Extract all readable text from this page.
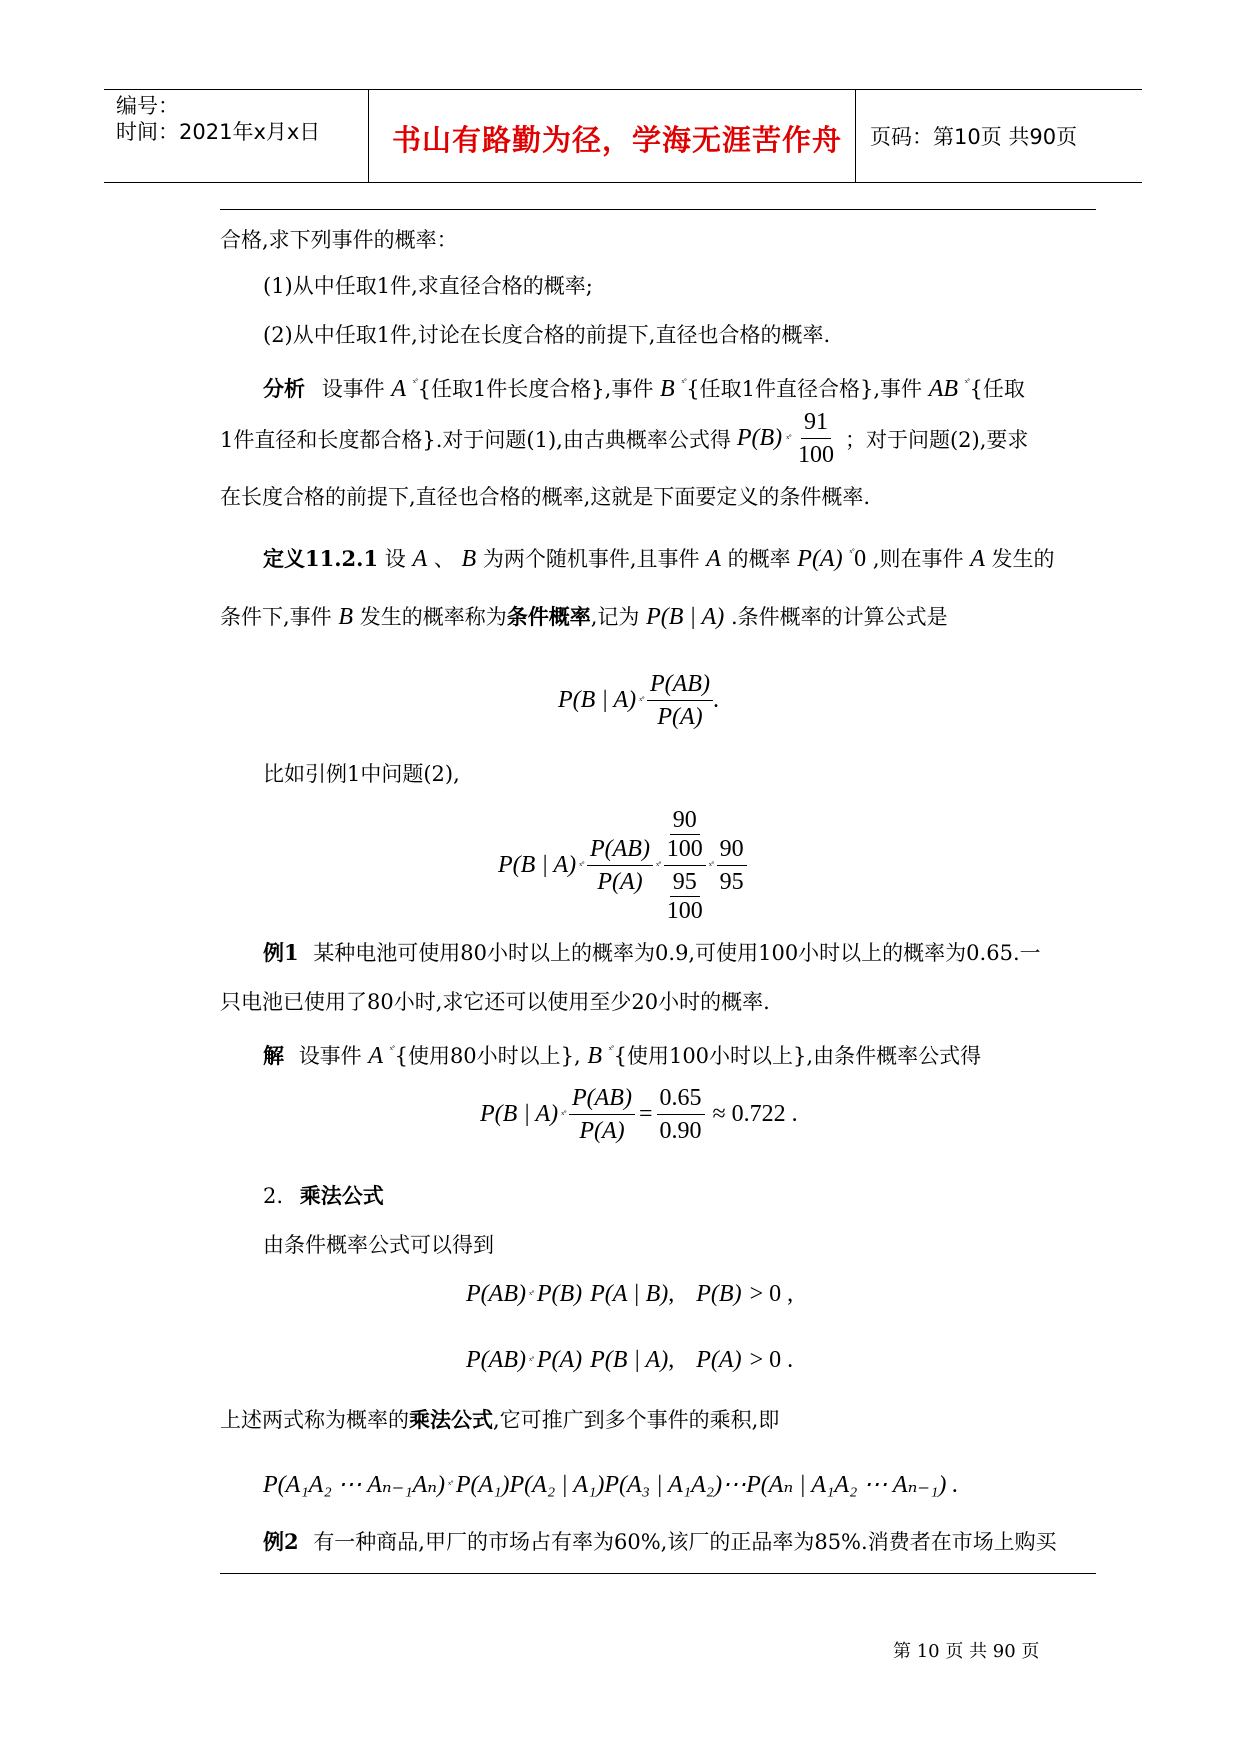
编号：
时间：2021年x月x日 书山有路勤为径，学海无涯苦作舟 页码：第10页 共90页
合格,求下列事件的概率：
(1)从中任取1件,求直径合格的概率;
(2)从中任取1件,讨论在长度合格的前提下,直径也合格的概率.
分析 设事件 A $^{ˣ˚}${任取1件长度合格},事件 B $^{ˣ˚}${任取1件直径合格},事件 AB $^{ˣ˚}${任取
1件直径和长度都合格}.对于问题(1),由古典概率公式得 P(B) ˣ˚ $\frac{91}{100}$ ；对于问题(2),要求
在长度合格的前提下,直径也合格的概率,这就是下面要定义的条件概率.
定义11.2.1 设 A 、 B 为两个随机事件,且事件 A 的概率 P(A) $^{ˣ˚}$0 ,则在事件 A 发生的
条件下,事件 B 发生的概率称为条件概率,记为 P(B | A) .条件概率的计算公式是
P(B | A) ˣ˚ $\frac{P(AB)}{P(A)}$ .
比如引例1中问题(2),
P(B | A) ˣ˚ $\frac{P(AB)}{P(A)}$ ˣ˚ $\frac{\frac{90}{100}}{\frac{95}{100}}$ ˣ˚ $\frac{90}{95}$
例1 某种电池可使用80小时以上的概率为0.9,可使用100小时以上的概率为0.65.一
只电池已使用了80小时,求它还可以使用至少20小时的概率.
解 设事件 A $^{ˣ˚}${使用80小时以上}, B $^{ˣ˚}${使用100小时以上},由条件概率公式得
P(B | A) ˣ˚ $\frac{P(AB)}{P(A)} = \frac{0.65}{0.90} \approx 0.722$ .
2. 乘法公式
由条件概率公式可以得到
P(AB) ˣ˚ P(B) P(A | B) , P(B) > 0 ,
P(AB) ˣ˚ P(A) P(B | A) , P(A) > 0 .
上述两式称为概率的乘法公式,它可推广到多个事件的乘积,即
P(A₁A₂ ⋯ Aₙ₋₁Aₙ) ˣ˚ P(A₁)P(A₂ | A₁)P(A₃ | A₁A₂)⋯P(Aₙ | A₁A₂ ⋯ Aₙ₋₁) .
例2 有一种商品,甲厂的市场占有率为60%,该厂的正品率为85%.消费者在市场上购买
第 10 页 共 90 页
